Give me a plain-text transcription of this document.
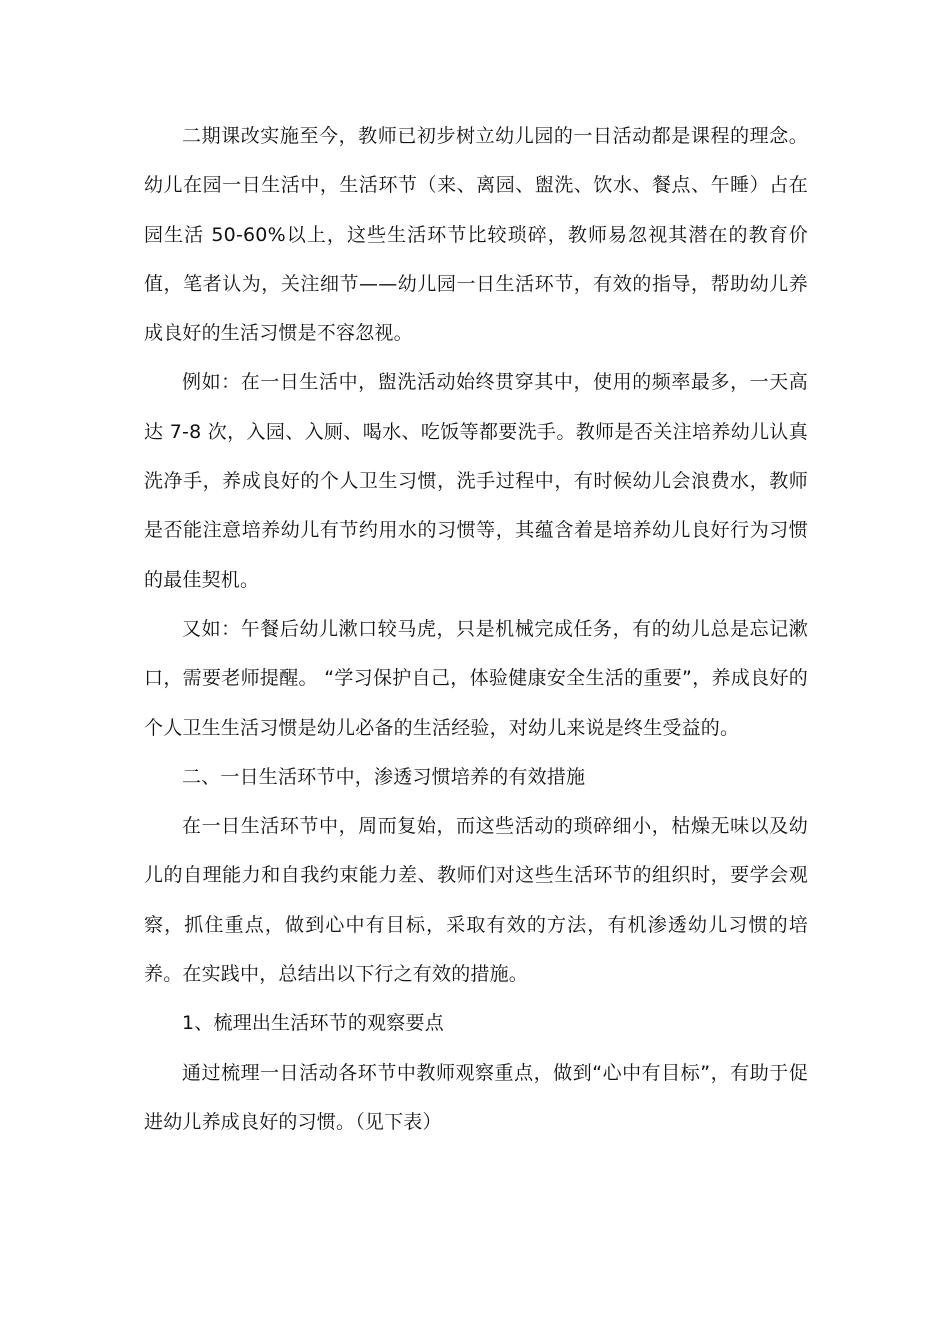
二期课改实施至今，教师已初步树立幼儿园的一日活动都是课程的理念。幼儿在园一日生活中，生活环节（来、离园、盥洗、饮水、餐点、午睡）占在园生活 50-60%以上，这些生活环节比较琐碎，教师易忽视其潜在的教育价值，笔者认为，关注细节——幼儿园一日生活环节，有效的指导，帮助幼儿养成良好的生活习惯是不容忽视。

例如：在一日生活中，盥洗活动始终贯穿其中，使用的频率最多，一天高达 7-8 次，入园、入厕、喝水、吃饭等都要洗手。教师是否关注培养幼儿认真洗净手，养成良好的个人卫生习惯，洗手过程中，有时候幼儿会浪费水，教师是否能注意培养幼儿有节约用水的习惯等，其蕴含着是培养幼儿良好行为习惯的最佳契机。

又如：午餐后幼儿漱口较马虎，只是机械完成任务，有的幼儿总是忘记漱口，需要老师提醒。 “学习保护自己，体验健康安全生活的重要”，养成良好的个人卫生生活习惯是幼儿必备的生活经验，对幼儿来说是终生受益的。

二、一日生活环节中，渗透习惯培养的有效措施

在一日生活环节中，周而复始，而这些活动的琐碎细小，枯燥无味以及幼儿的自理能力和自我约束能力差、教师们对这些生活环节的组织时，要学会观察，抓住重点，做到心中有目标，采取有效的方法，有机渗透幼儿习惯的培养。在实践中，总结出以下行之有效的措施。

1、梳理出生活环节的观察要点

通过梳理一日活动各环节中教师观察重点，做到“心中有目标”，有助于促进幼儿养成良好的习惯。（见下表）
